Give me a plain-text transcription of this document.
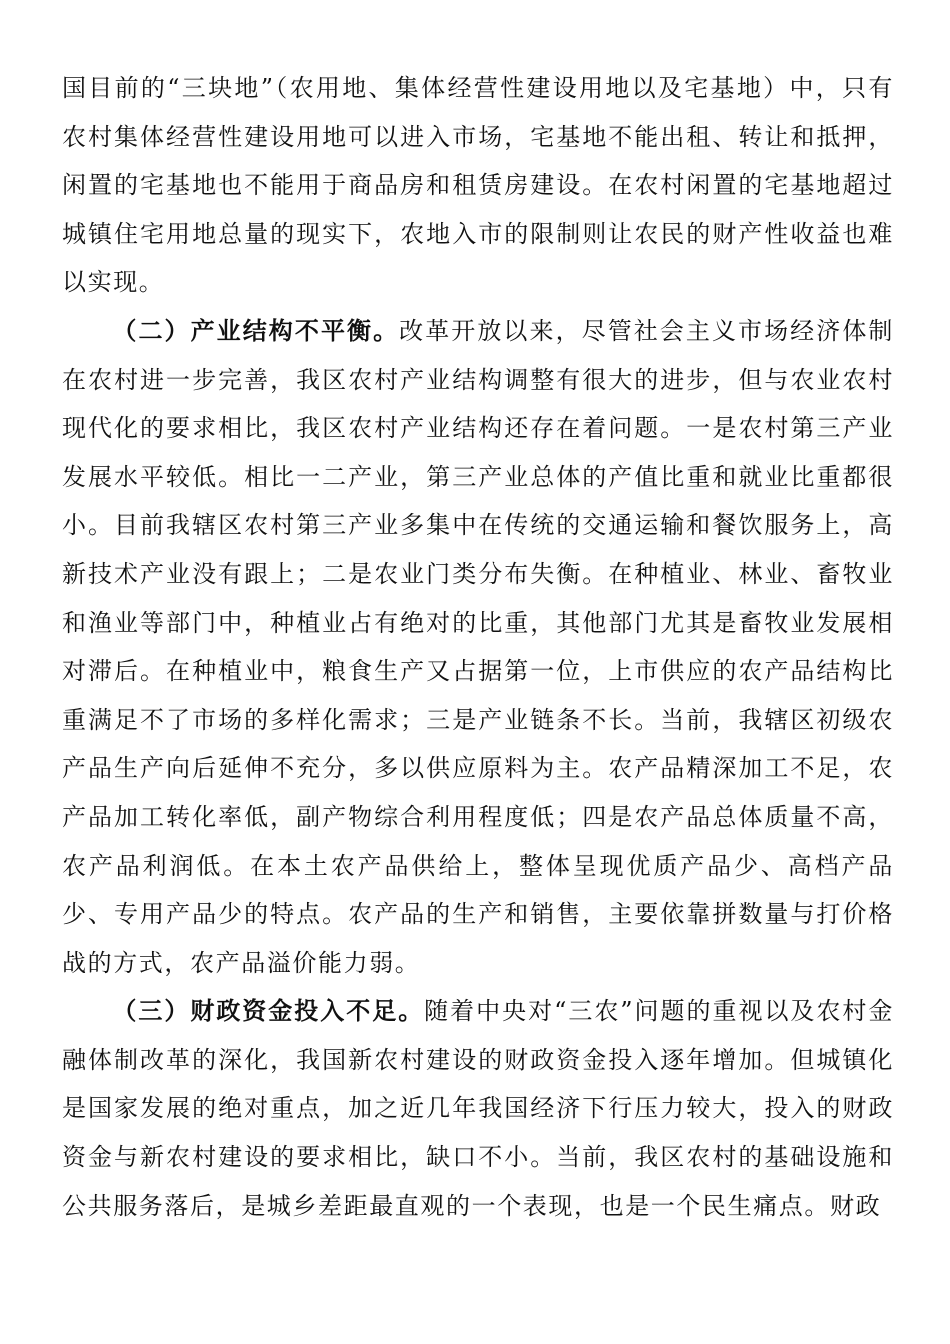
国目前的“三块地”（农用地、集体经营性建设用地以及宅基地）中，只有农村集体经营性建设用地可以进入市场，宅基地不能出租、转让和抵押，闲置的宅基地也不能用于商品房和租赁房建设。在农村闲置的宅基地超过城镇住宅用地总量的现实下，农地入市的限制则让农民的财产性收益也难以实现。

（二）产业结构不平衡。改革开放以来，尽管社会主义市场经济体制在农村进一步完善，我区农村产业结构调整有很大的进步，但与农业农村现代化的要求相比，我区农村产业结构还存在着问题。一是农村第三产业发展水平较低。相比一二产业，第三产业总体的产值比重和就业比重都很小。目前我辖区农村第三产业多集中在传统的交通运输和餐饮服务上，高新技术产业没有跟上；二是农业门类分布失衡。在种植业、林业、畜牧业和渔业等部门中，种植业占有绝对的比重，其他部门尤其是畜牧业发展相对滞后。在种植业中，粮食生产又占据第一位，上市供应的农产品结构比重满足不了市场的多样化需求；三是产业链条不长。当前，我辖区初级农产品生产向后延伸不充分，多以供应原料为主。农产品精深加工不足，农产品加工转化率低，副产物综合利用程度低；四是农产品总体质量不高，农产品利润低。在本土农产品供给上，整体呈现优质产品少、高档产品少、专用产品少的特点。农产品的生产和销售，主要依靠拼数量与打价格战的方式，农产品溢价能力弱。

（三）财政资金投入不足。随着中央对“三农”问题的重视以及农村金融体制改革的深化，我国新农村建设的财政资金投入逐年增加。但城镇化是国家发展的绝对重点，加之近几年我国经济下行压力较大，投入的财政资金与新农村建设的要求相比，缺口不小。当前，我区农村的基础设施和公共服务落后，是城乡差距最直观的一个表现，也是一个民生痛点。财政
